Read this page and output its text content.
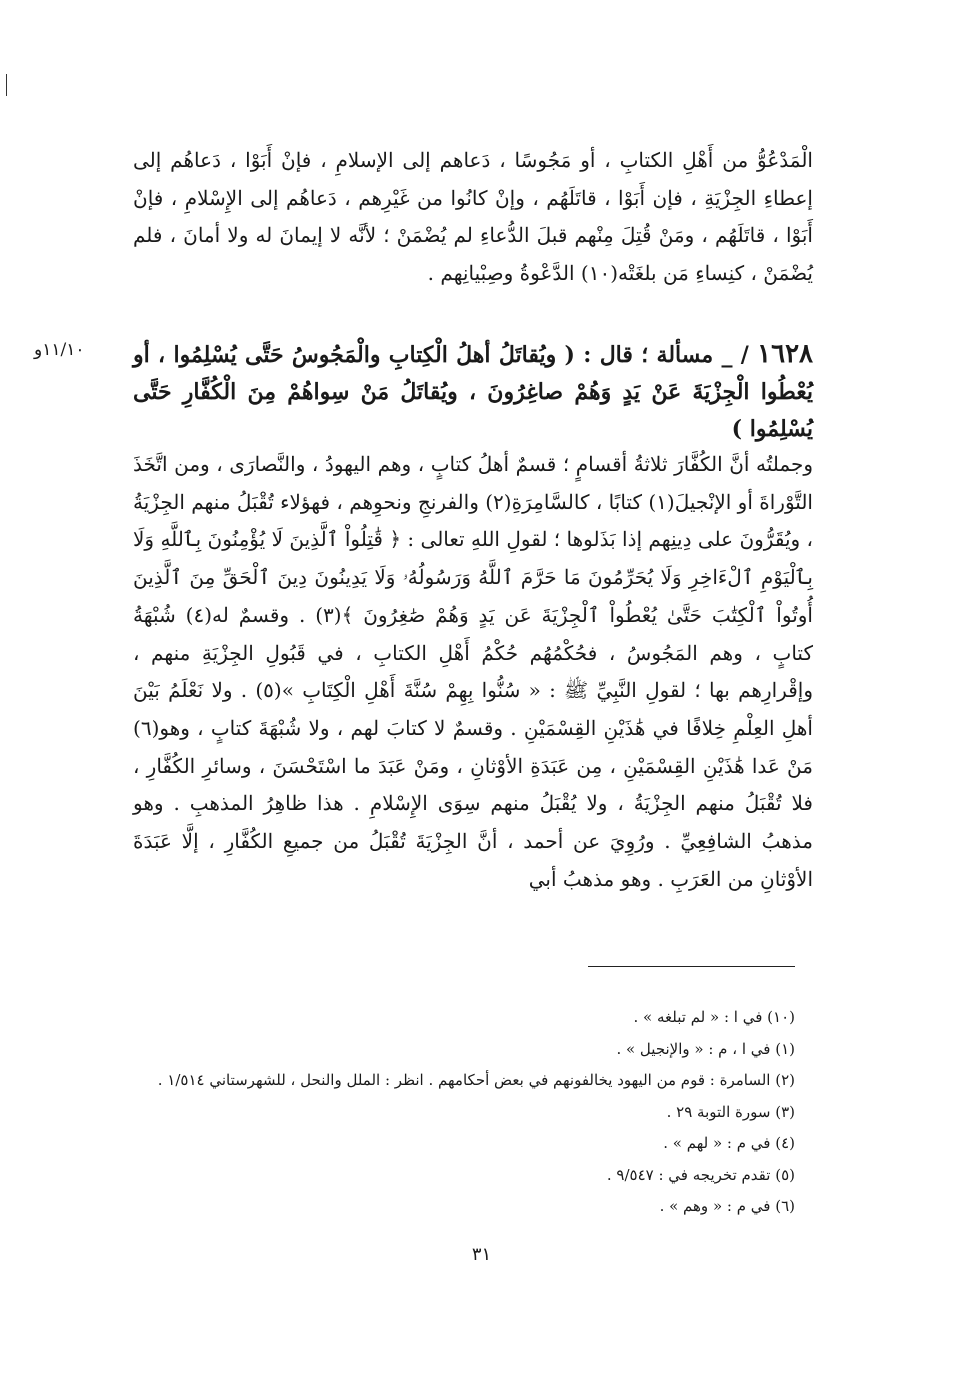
١١/١٠و

الْمَدْعُوُّ من أَهْلِ الكتابِ ، أو مَجُوسًا ، دَعاهم إلى الإسلامِ ، فإنْ أَبَوْا ، دَعاهُم إلى إعطاءِ الجِزْيَةِ ، فإن أَبَوْا ، قاتَلَهُم ، وإنْ كانُوا من غَيْرِهم ، دَعاهُم إلى الإِسْلامِ ، فإنْ أَبَوْا ، قاتَلَهُم ، ومَنْ قُتِلَ مِنْهم قبلَ الدُّعاءِ لم يُضْمَنْ ؛ لأنَّه لا إيمانَ له ولا أمانَ ، فلم يُضْمَنْ ، كنِساءِ مَن بلغَتْه(١٠) الدَّعْوةُ وصِبْيانِهم .

١٦٢٨ / _ مسألة ؛ قال : ( ويُقاتَلُ أهلُ الْكِتابِ والْمَجُوسُ حَتَّى يُسْلِمُوا ، أو يُعْطُوا الْجِزْيَةَ عَنْ يَدٍ وَهُمْ صاغِرُونَ ، ويُقاتَلُ مَنْ سِواهُمْ مِنَ الْكُفَّارِ حَتَّى يُسْلِمُوا )

وجملتُه أنَّ الكُفَّارَ ثلاثةُ أقسامٍ ؛ قسمٌ أهلُ كتابٍ ، وهم اليهودُ ، والنَّصارَى ، ومن اتَّخَذَ التَّوْراةَ أو الإنْجيلَ(١) كتابًا ، كالسَّامِرَةِ(٢) والفرنجِ ونحوِهم ، فهؤلاء تُقْبَلُ منهم الجِزْيَةُ ، ويُقَرُّونَ على دِينِهم إذا بَذَلوها ؛ لقولِ اللهِ تعالى : ﴿ قَٰتِلُواْ ٱلَّذِينَ لَا يُؤْمِنُونَ بِٱللَّهِ وَلَا بِٱلْيَوْمِ ٱلْءَاخِرِ وَلَا يُحَرِّمُونَ مَا حَرَّمَ ٱللَّهُ وَرَسُولُهُۥ وَلَا يَدِينُونَ دِينَ ٱلْحَقِّ مِنَ ٱلَّذِينَ أُوتُواْ ٱلْكِتَٰبَ حَتَّىٰ يُعْطُواْ ٱلْجِزْيَةَ عَن يَدٍ وَهُمْ صَٰغِرُونَ ﴾(٣) . وقسمٌ له(٤) شُبْهَةُ كتابٍ ، وهم المَجُوسُ ، فحُكْمُهُم حُكْمُ أَهْلِ الكتابِ ، في قَبُولِ الجِزْيَةِ منهم ، وإقْرارِهم بها ؛ لقولِ النَّبِيِّ ﷺ : « سُنُّوا بِهِمْ سُنَّةَ أَهْلِ الْكِتَابِ »(٥) . ولا نَعْلَمُ بَيْنَ أهلِ العِلْمِ خِلافًا في هَٰذَيْنِ القِسْمَيْنِ . وقسمٌ لا كتابَ لهم ، ولا شُبْهَةَ كتابٍ ، وهو(٦) مَنْ عَدا هَٰذَيْنِ القِسْمَيْنِ ، مِن عَبَدَةِ الأوْثانِ ، ومَنْ عَبَدَ ما اسْتَحْسَنَ ، وسائرِ الكُفَّارِ ، فلا تُقْبَلُ منهم الجِزْيَةُ ، ولا يُقْبَلُ منهم سِوَى الإِسْلامِ . هذا ظاهِرُ المذهبِ . وهو مذهبُ الشافِعِيِّ . ورُوِيَ عن أحمد ، أنَّ الجِزْيَةَ تُقْبَلُ من جميعِ الكُفَّارِ ، إلَّا عَبَدَةَ الأوْثانِ من العَرَبِ . وهو مذهبُ أبي

(١٠) في ا : « لم تبلغه » .
(١) في ا ، م : « والإنجيل » .
(٢) السامرة : قوم من اليهود يخالفونهم في بعض أحكامهم . انظر : الملل والنحل ، للشهرستاني ١/٥١٤ .
(٣) سورة التوبة ٢٩ .
(٤) في م : « لهم » .
(٥) تقدم تخريجه في : ٩/٥٤٧ .
(٦) في م : « وهم » .
٣١
